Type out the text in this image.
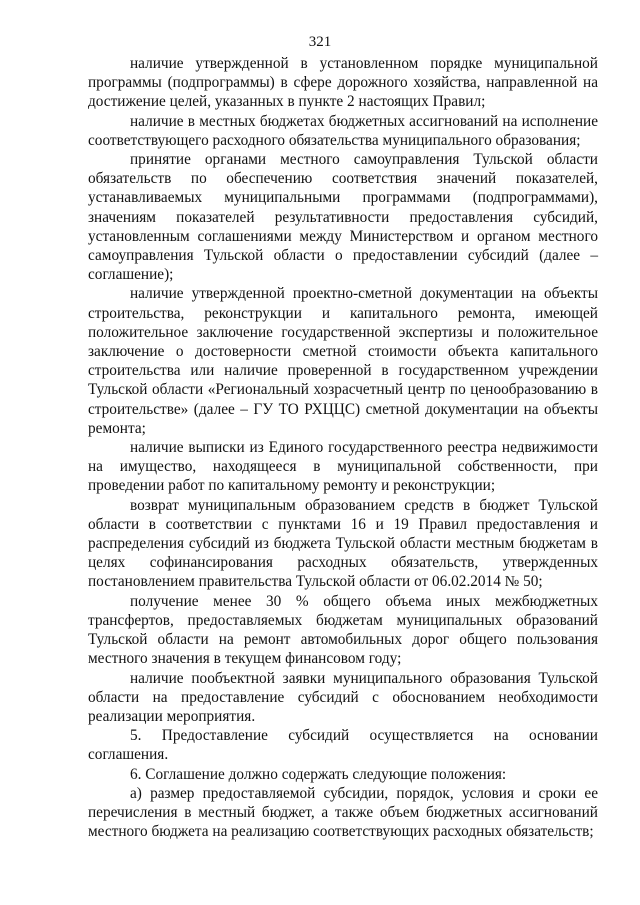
321

наличие утвержденной в установленном порядке муниципальной программы (подпрограммы) в сфере дорожного хозяйства, направленной на достижение целей, указанных в пункте 2 настоящих Правил;

наличие в местных бюджетах бюджетных ассигнований на исполнение соответствующего расходного обязательства муниципального образования;

принятие органами местного самоуправления Тульской области обязательств по обеспечению соответствия значений показателей, устанавливаемых муниципальными программами (подпрограммами), значениям показателей результативности предоставления субсидий, установленным соглашениями между Министерством и органом местного самоуправления Тульской области о предоставлении субсидий (далее – соглашение);

наличие утвержденной проектно-сметной документации на объекты строительства, реконструкции и капитального ремонта, имеющей положительное заключение государственной экспертизы и положительное заключение о достоверности сметной стоимости объекта капитального строительства или наличие проверенной в государственном учреждении Тульской области «Региональный хозрасчетный центр по ценообразованию в строительстве» (далее – ГУ ТО РХЦЦС) сметной документации на объекты ремонта;

наличие выписки из Единого государственного реестра недвижимости на имущество, находящееся в муниципальной собственности, при проведении работ по капитальному ремонту и реконструкции;

возврат муниципальным образованием средств в бюджет Тульской области в соответствии с пунктами 16 и 19 Правил предоставления и распределения субсидий из бюджета Тульской области местным бюджетам в целях софинансирования расходных обязательств, утвержденных постановлением правительства Тульской области от 06.02.2014 № 50;

получение менее 30 % общего объема иных межбюджетных трансфертов, предоставляемых бюджетам муниципальных образований Тульской области на ремонт автомобильных дорог общего пользования местного значения в текущем финансовом году;

наличие пообъектной заявки муниципального образования Тульской области на предоставление субсидий с обоснованием необходимости реализации мероприятия.

5. Предоставление субсидий осуществляется на основании соглашения.

6. Соглашение должно содержать следующие положения:

а) размер предоставляемой субсидии, порядок, условия и сроки ее перечисления в местный бюджет, а также объем бюджетных ассигнований местного бюджета на реализацию соответствующих расходных обязательств;
